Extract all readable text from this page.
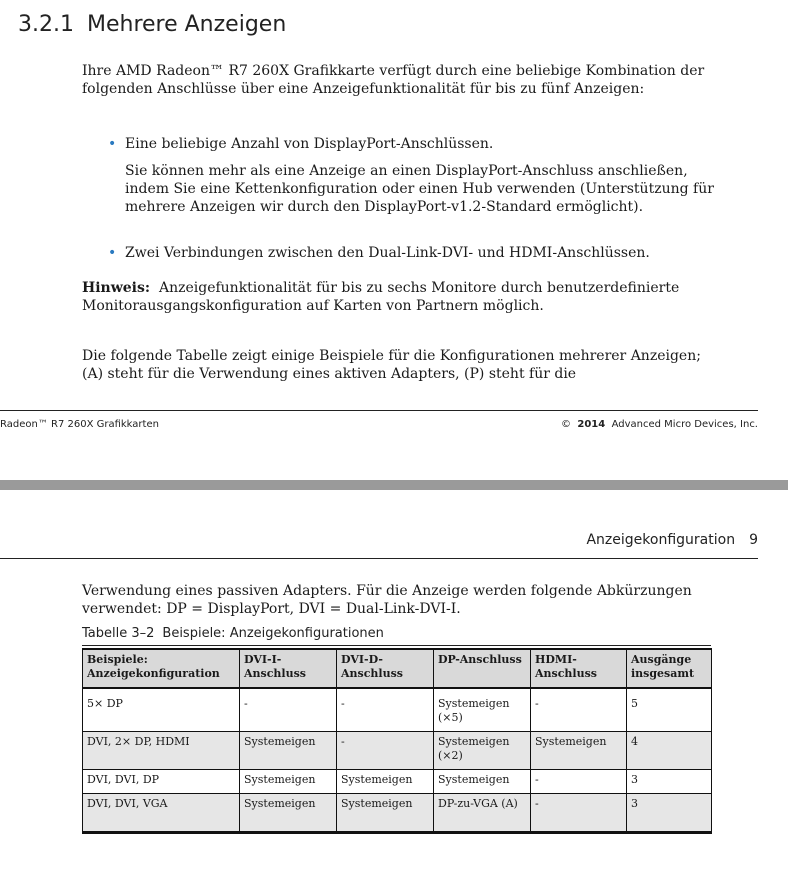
3.2.1 Mehrere Anzeigen

Ihre AMD Radeon™ R7 260X Grafikkarte verfügt durch eine beliebige Kombination der folgenden Anschlüsse über eine Anzeigefunktionalität für bis zu fünf Anzeigen:

• Eine beliebige Anzahl von DisplayPort-Anschlüssen.

Sie können mehr als eine Anzeige an einen DisplayPort-Anschluss anschließen, indem Sie eine Kettenkonfiguration oder einen Hub verwenden (Unterstützung für mehrere Anzeigen wir durch den DisplayPort-v1.2-Standard ermöglicht).

• Zwei Verbindungen zwischen den Dual-Link-DVI- und HDMI-Anschlüssen.

Hinweis: Anzeigefunktionalität für bis zu sechs Monitore durch benutzerdefinierte Monitorausgangskonfiguration auf Karten von Partnern möglich.

Die folgende Tabelle zeigt einige Beispiele für die Konfigurationen mehrerer Anzeigen; (A) steht für die Verwendung eines aktiven Adapters, (P) steht für die

Radeon™ R7 260X Grafikkarten	© 2014 Advanced Micro Devices, Inc.
Anzeigekonfiguration 9

Verwendung eines passiven Adapters. Für die Anzeige werden folgende Abkürzungen verwendet: DP = DisplayPort, DVI = Dual-Link-DVI-I.

Tabelle 3–2 Beispiele: Anzeigekonfigurationen
Beispiele: Anzeigekonfiguration	DVI-I-Anschluss	DVI-D-Anschluss	DP-Anschluss	HDMI-Anschluss	Ausgänge insgesamt
5× DP	-	-	Systemeigen (×5)	-	5
DVI, 2× DP, HDMI	Systemeigen	-	Systemeigen (×2)	Systemeigen	4
DVI, DVI, DP	Systemeigen	Systemeigen	Systemeigen	-	3
DVI, DVI, VGA	Systemeigen	Systemeigen	DP-zu-VGA (A)	-	3
